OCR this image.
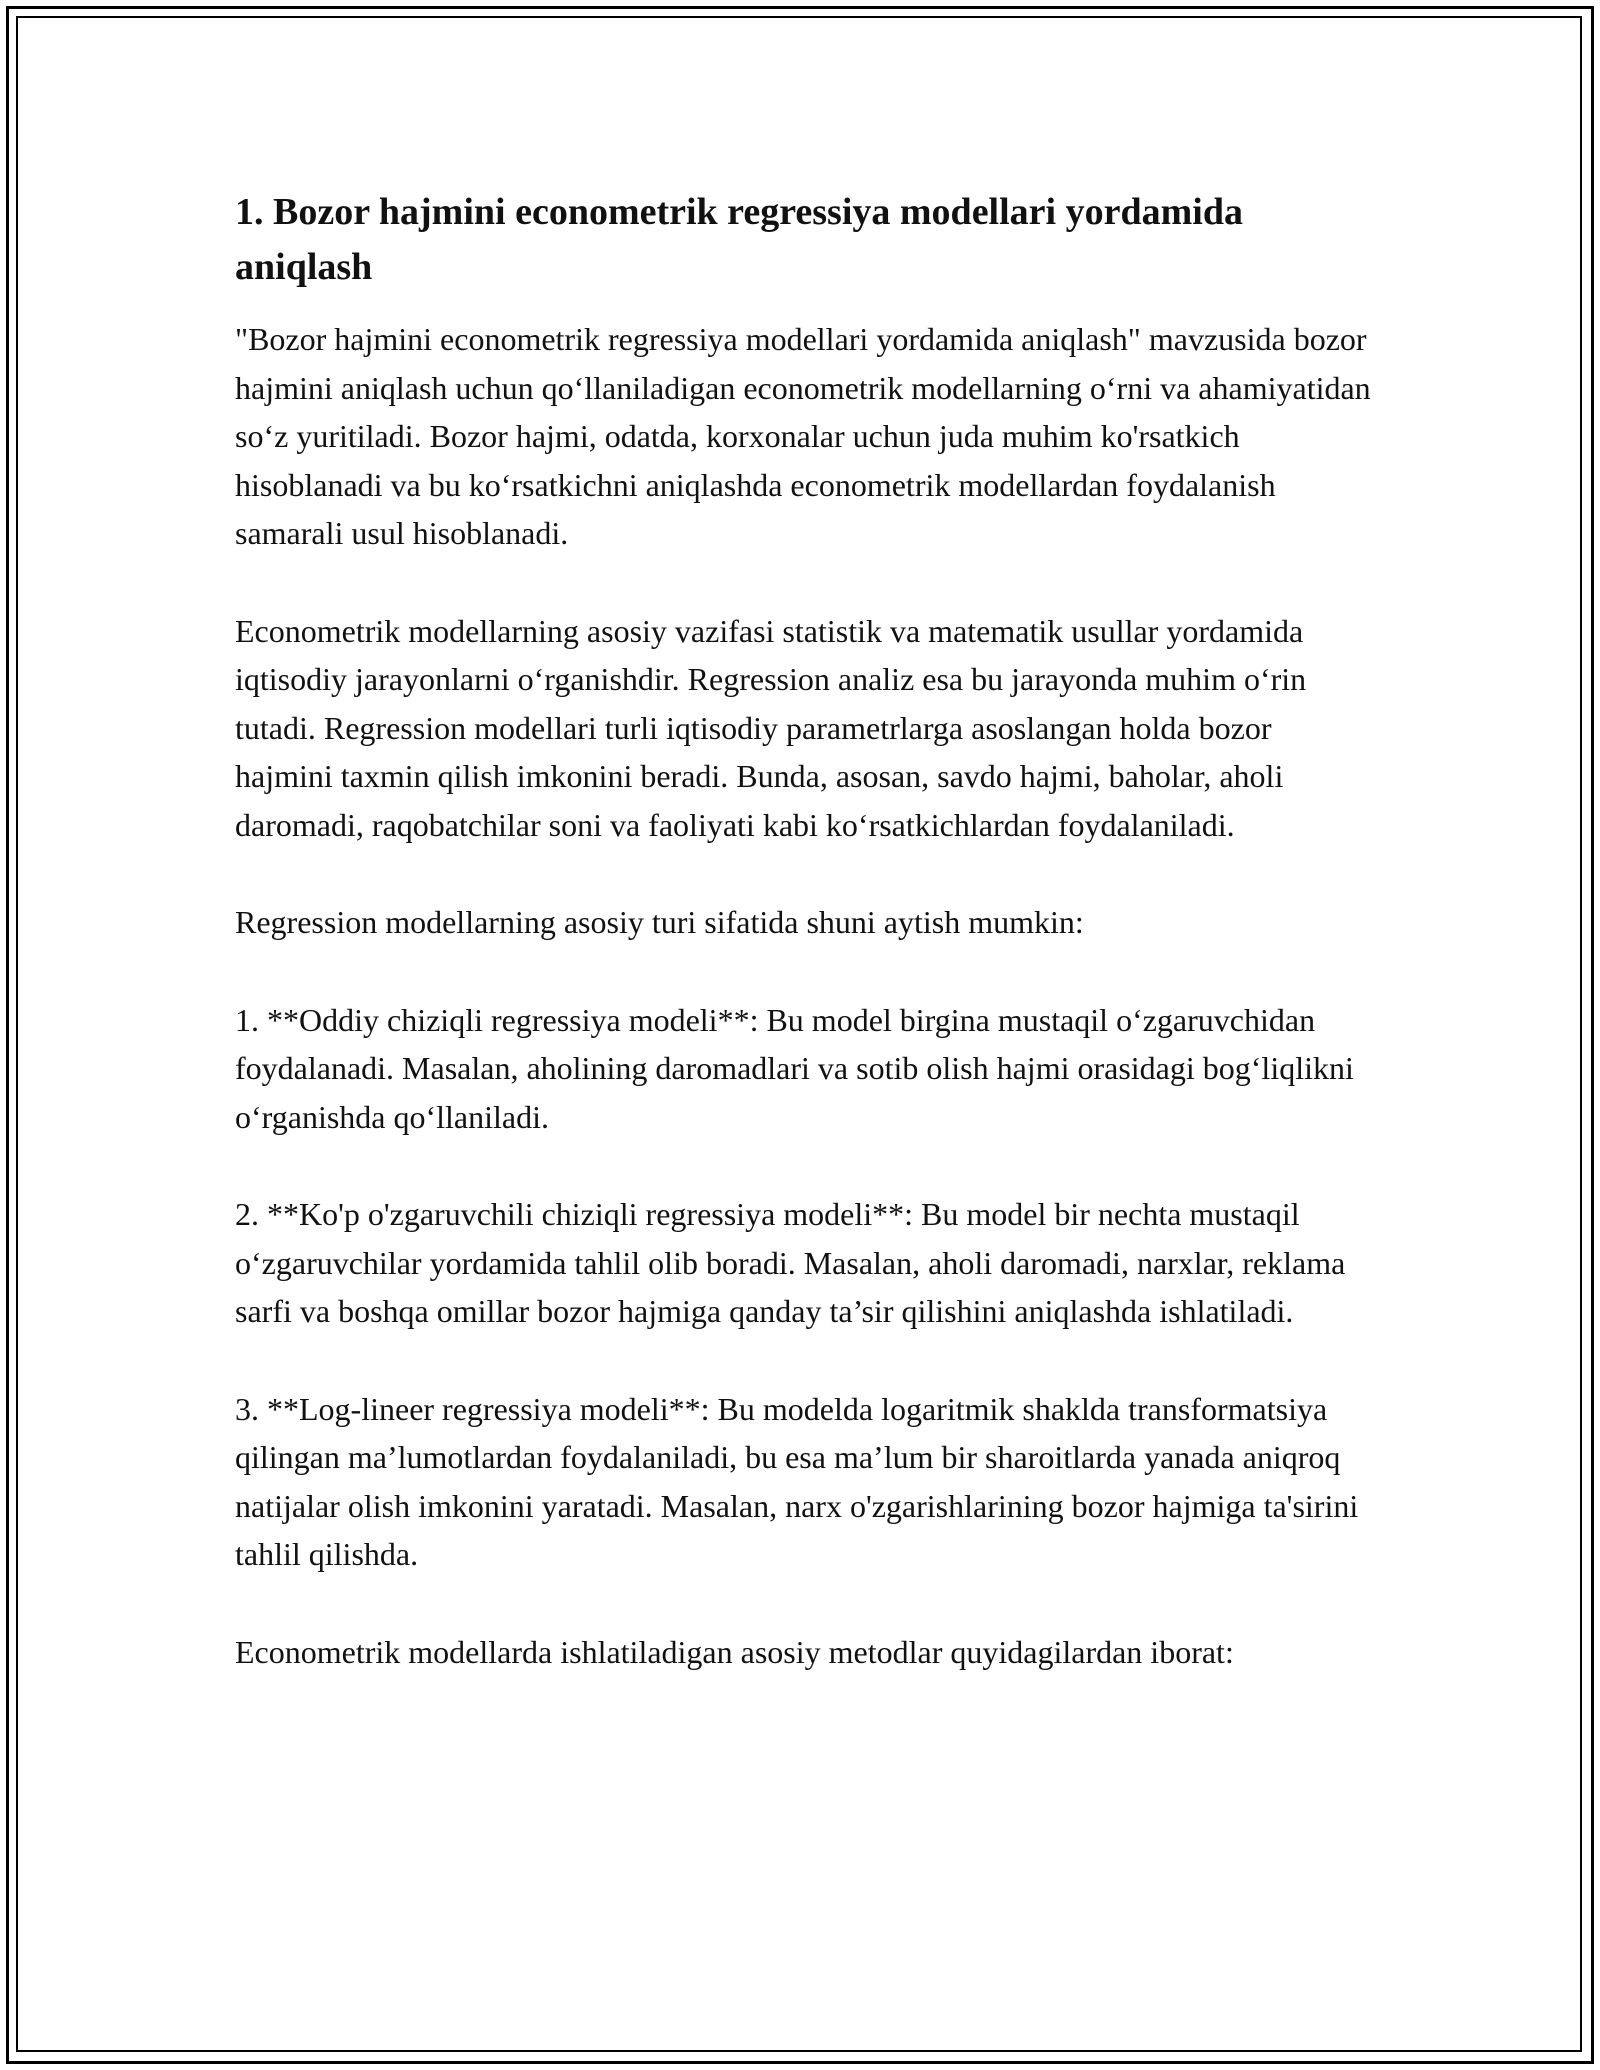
1. Bozor hajmini econometrik regressiya modellari yordamida aniqlash

"Bozor hajmini econometrik regressiya modellari yordamida aniqlash" mavzusida bozor hajmini aniqlash uchun qoʻllaniladigan econometrik modellarning oʻrni va ahamiyatidan soʻz yuritiladi. Bozor hajmi, odatda, korxonalar uchun juda muhim ko'rsatkich hisoblanadi va bu koʻrsatkichni aniqlashda econometrik modellardan foydalanish samarali usul hisoblanadi.

Econometrik modellarning asosiy vazifasi statistik va matematik usullar yordamida iqtisodiy jarayonlarni oʻrganishdir. Regression analiz esa bu jarayonda muhim oʻrin tutadi. Regression modellari turli iqtisodiy parametrlarga asoslangan holda bozor hajmini taxmin qilish imkonini beradi. Bunda, asosan, savdo hajmi, baholar, aholi daromadi, raqobatchilar soni va faoliyati kabi koʻrsatkichlardan foydalaniladi.

Regression modellarning asosiy turi sifatida shuni aytish mumkin:

1. **Oddiy chiziqli regressiya modeli**: Bu model birgina mustaqil oʻzgaruvchidan foydalanadi. Masalan, aholining daromadlari va sotib olish hajmi orasidagi bogʻliqlikni oʻrganishda qoʻllaniladi.

2. **Ko'p o'zgaruvchili chiziqli regressiya modeli**: Bu model bir nechta mustaqil oʻzgaruvchilar yordamida tahlil olib boradi. Masalan, aholi daromadi, narxlar, reklama sarfi va boshqa omillar bozor hajmiga qanday ta’sir qilishini aniqlashda ishlatiladi.

3. **Log-lineer regressiya modeli**: Bu modelda logaritmik shaklda transformatsiya qilingan ma’lumotlardan foydalaniladi, bu esa ma’lum bir sharoitlarda yanada aniqroq natijalar olish imkonini yaratadi. Masalan, narx o'zgarishlarining bozor hajmiga ta'sirini tahlil qilishda.

Econometrik modellarda ishlatiladigan asosiy metodlar quyidagilardan iborat:
